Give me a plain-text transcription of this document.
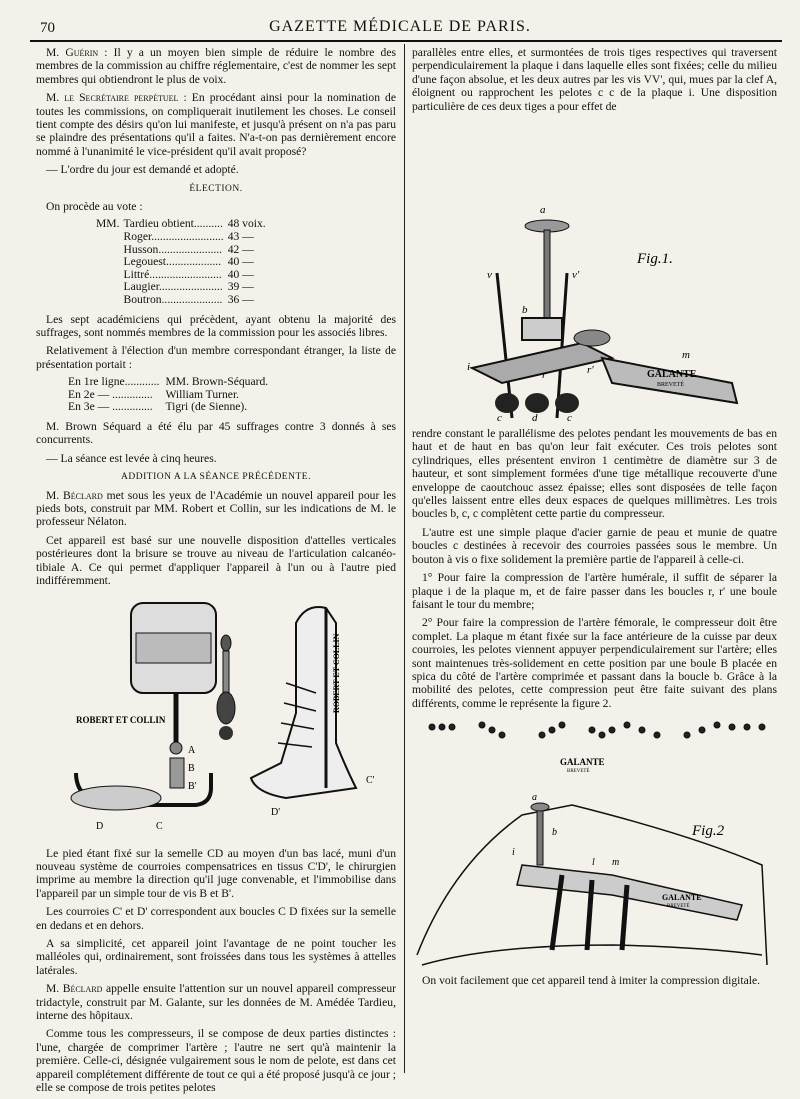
70	GAZETTE MÉDICALE DE PARIS.

M. Guérin : Il y a un moyen bien simple de réduire le nombre des membres de la commission au chiffre réglementaire, c'est de nommer les sept membres qui obtiendront le plus de voix.

M. le Secrétaire perpétuel : En procédant ainsi pour la nomination de toutes les commissions, on compliquerait inutilement les choses. Le conseil tient compte des désirs qu'on lui manifeste, et jusqu'à présent on n'a pas paru se plaindre des présentations qu'il a faites. N'a-t-on pas dernièrement encore nommé à l'unanimité le vice-président qu'il avait proposé?

— L'ordre du jour est demandé et adopté.

ÉLECTION.

On procède au vote :

MM.	Tardieu obtient..........	48 voix.
	Roger.........................	43 —
	Husson......................	42 —
	Legouest...................	40 —
	Littré.........................	40 —
	Laugier......................	39 —
	Boutron.....................	36 —

Les sept académiciens qui précèdent, ayant obtenu la majorité des suffrages, sont nommés membres de la commission pour les associés libres.

Relativement à l'élection d'un membre correspondant étranger, la liste de présentation portait :

En 1re ligne............	MM. Brown-Séquard.
En 2e — ..............	William Turner.
En 3e — ..............	Tigri (de Sienne).

M. Brown Séquard a été élu par 45 suffrages contre 3 donnés à ses concurrents.

— La séance est levée à cinq heures.

ADDITION A LA SÉANCE PRÉCÉDENTE.

M. Béclard met sous les yeux de l'Académie un nouvel appareil pour les pieds bots, construit par MM. Robert et Collin, sur les indications de M. le professeur Nélaton.

Cet appareil est basé sur une nouvelle disposition d'attelles verticales postérieures dont la brisure se trouve au niveau de l'articulation calcanéo-tibiale A. Ce qui permet d'appliquer l'appareil à l'un ou à l'autre pied indifféremment.

ROBERT ET COLLIN
A
B
B'
D	C
ROBERT ET COLLIN
C'
D'

Le pied étant fixé sur la semelle CD au moyen d'un bas lacé, muni d'un nouveau système de courroies compensatrices en tissus C'D', le chirurgien imprime au membre la direction qu'il juge convenable, et l'immobilise dans l'appareil par un simple tour de vis B et B'.

Les courroies C' et D' correspondent aux boucles C D fixées sur la semelle en dedans et en dehors.

A sa simplicité, cet appareil joint l'avantage de ne point toucher les malléoles qui, ordinairement, sont froissées dans tous les systèmes à attelles latérales.

M. Béclard appelle ensuite l'attention sur un nouvel appareil compresseur tridactyle, construit par M. Galante, sur les données de M. Amédée Tardieu, interne des hôpitaux.

Comme tous les compresseurs, il se compose de deux parties distinctes : l'une, chargée de comprimer l'artère ; l'autre ne sert qu'à maintenir la première. Celle-ci, désignée vulgairement sous le nom de pelote, est dans cet appareil complétement différente de tout ce qui a été proposé jusqu'à ce jour ; elle se compose de trois petites pelotes

parallèles entre elles, et surmontées de trois tiges respectives qui traversent perpendiculairement la plaque i dans laquelle elles sont fixées; celle du milieu d'une façon absolue, et les deux autres par les vis VV', qui, mues par la clef A, éloignent ou rapprochent les pelotes c c de la plaque i. Une disposition particulière de ces deux tiges a pour effet de

Fig.1.
a
v	v'
b
i
GALANTE
BREVETÉ
m
r	r'
c	d	c

rendre constant le parallélisme des pelotes pendant les mouvements de bas en haut et de haut en bas qu'on leur fait exécuter. Ces trois pelotes sont cylindriques, elles présentent environ 1 centimètre de diamètre sur 3 de hauteur, et sont simplement formées d'une tige métallique recouverte d'une enveloppe de caoutchouc assez épaisse; elles sont disposées de telle façon qu'elles laissent entre elles deux espaces de quelques millimètres. Les trois boucles b, c, c complètent cette partie du compresseur.

L'autre est une simple plaque d'acier garnie de peau et munie de quatre boucles c destinées à recevoir des courroies passées sous le membre. Un bouton à vis o fixe solidement la première partie de l'appareil à celle-ci.

1° Pour faire la compression de l'artère humérale, il suffit de séparer la plaque i de la plaque m, et de faire passer dans les boucles r, r' une boule faisant le tour du membre;

2° Pour faire la compression de l'artère fémorale, le compresseur doit être complet. La plaque m étant fixée sur la face antérieure de la cuisse par deux courroies, les pelotes viennent appuyer perpendiculairement sur l'artère; elles sont maintenues très-solidement en cette position par une boule B placée en spica du côté de l'artère comprimée et passant dans la boucle b. Grâce à la mobilité des pelotes, cette compression peut être faite suivant des plans différents, comme le représente la figure 2.

GALANTE
BREVETÉ
Fig.2
a
GALANTE
BREVETÉ
l m
b
i

On voit facilement que cet appareil tend à imiter la compression digitale.
